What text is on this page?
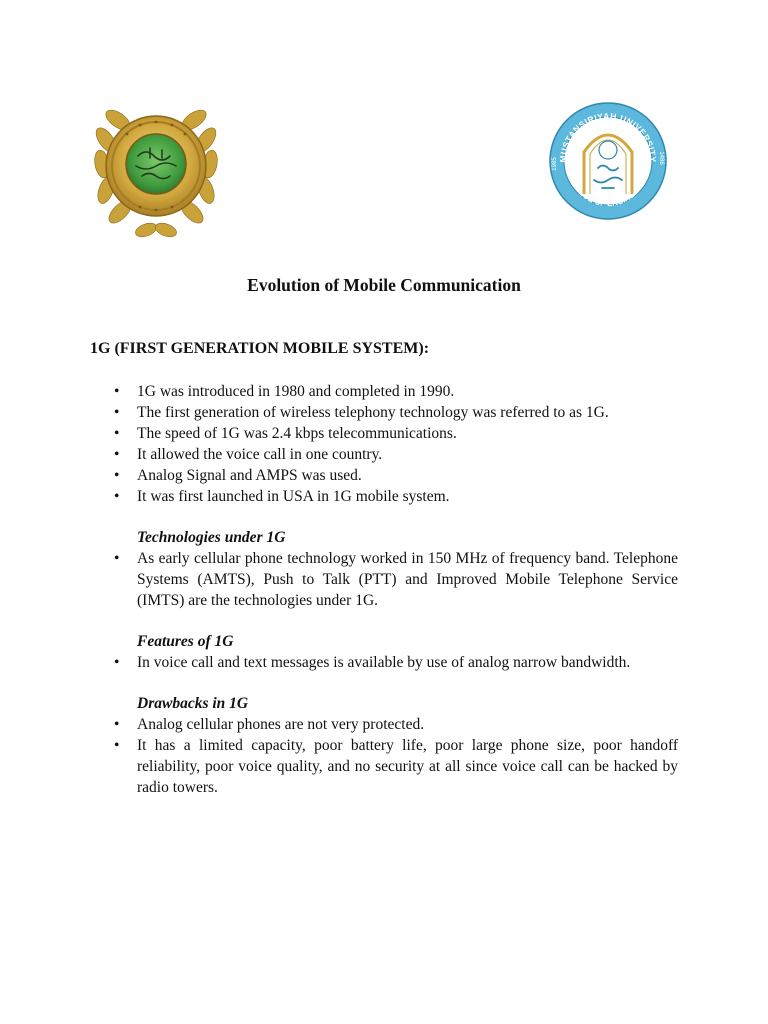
MUSTANSIRIYAH UNIVERSITY
COLLEGE OF ENGINEERING
1985	1486
Evolution of Mobile Communication
1G (FIRST GENERATION MOBILE SYSTEM):
• 1G was introduced in 1980 and completed in 1990.
• The first generation of wireless telephony technology was referred to as 1G.
• The speed of 1G was 2.4 kbps telecommunications.
• It allowed the voice call in one country.
• Analog Signal and AMPS was used.
• It was first launched in USA in 1G mobile system.
Technologies under 1G
• As early cellular phone technology worked in 150 MHz of frequency band. Telephone Systems (AMTS), Push to Talk (PTT) and Improved Mobile Telephone Service (IMTS) are the technologies under 1G.
Features of 1G
• In voice call and text messages is available by use of analog narrow bandwidth.
Drawbacks in 1G
• Analog cellular phones are not very protected.
• It has a limited capacity, poor battery life, poor large phone size, poor handoff reliability, poor voice quality, and no security at all since voice call can be hacked by radio towers.
